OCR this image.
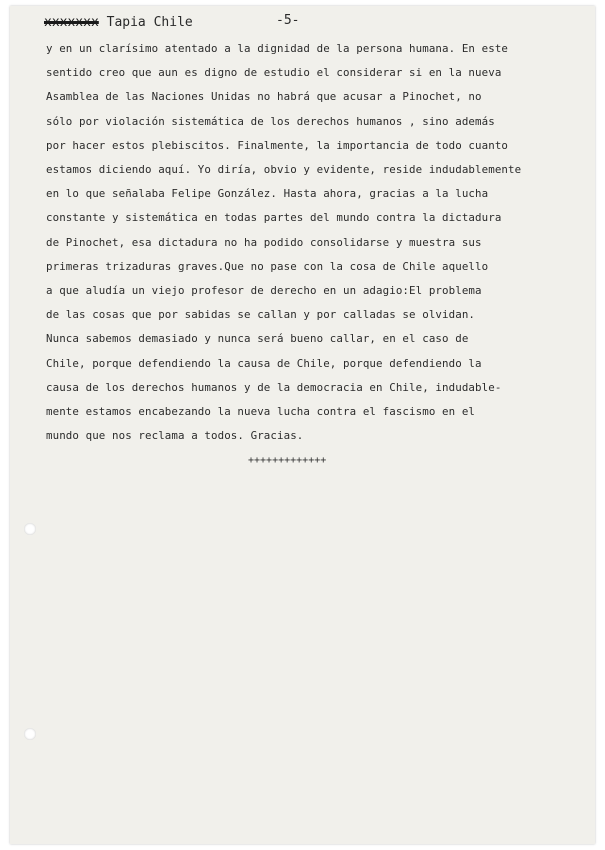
xxxxxxx Tapia Chile	-5-
y en un clarísimo atentado a la dignidad de la persona humana. En este
sentido creo que aun es digno de estudio el considerar si en la nueva
Asamblea de las Naciones Unidas no habrá que acusar a Pinochet, no
sólo por violación sistemática de los derechos humanos , sino además
por hacer estos plebiscitos. Finalmente, la importancia de todo cuanto
estamos diciendo aquí. Yo diría, obvio y evidente, reside indudablemente
en lo que señalaba Felipe González. Hasta ahora, gracias a la lucha
constante y sistemática en todas partes del mundo contra la dictadura
de Pinochet, esa dictadura no ha podido consolidarse y muestra sus
primeras trizaduras graves.Que no pase con la cosa de Chile aquello
a que aludía un viejo profesor de derecho en un adagio:El problema
de las cosas que por sabidas se callan y por calladas se olvidan.
Nunca sabemos demasiado y nunca será bueno callar, en el caso de
Chile, porque defendiendo la causa de Chile, porque defendiendo la
causa de los derechos humanos y de la democracia en Chile, indudable-
mente estamos encabezando la nueva lucha contra el fascismo en el
mundo que nos reclama a todos. Gracias.
+++++++++++++
